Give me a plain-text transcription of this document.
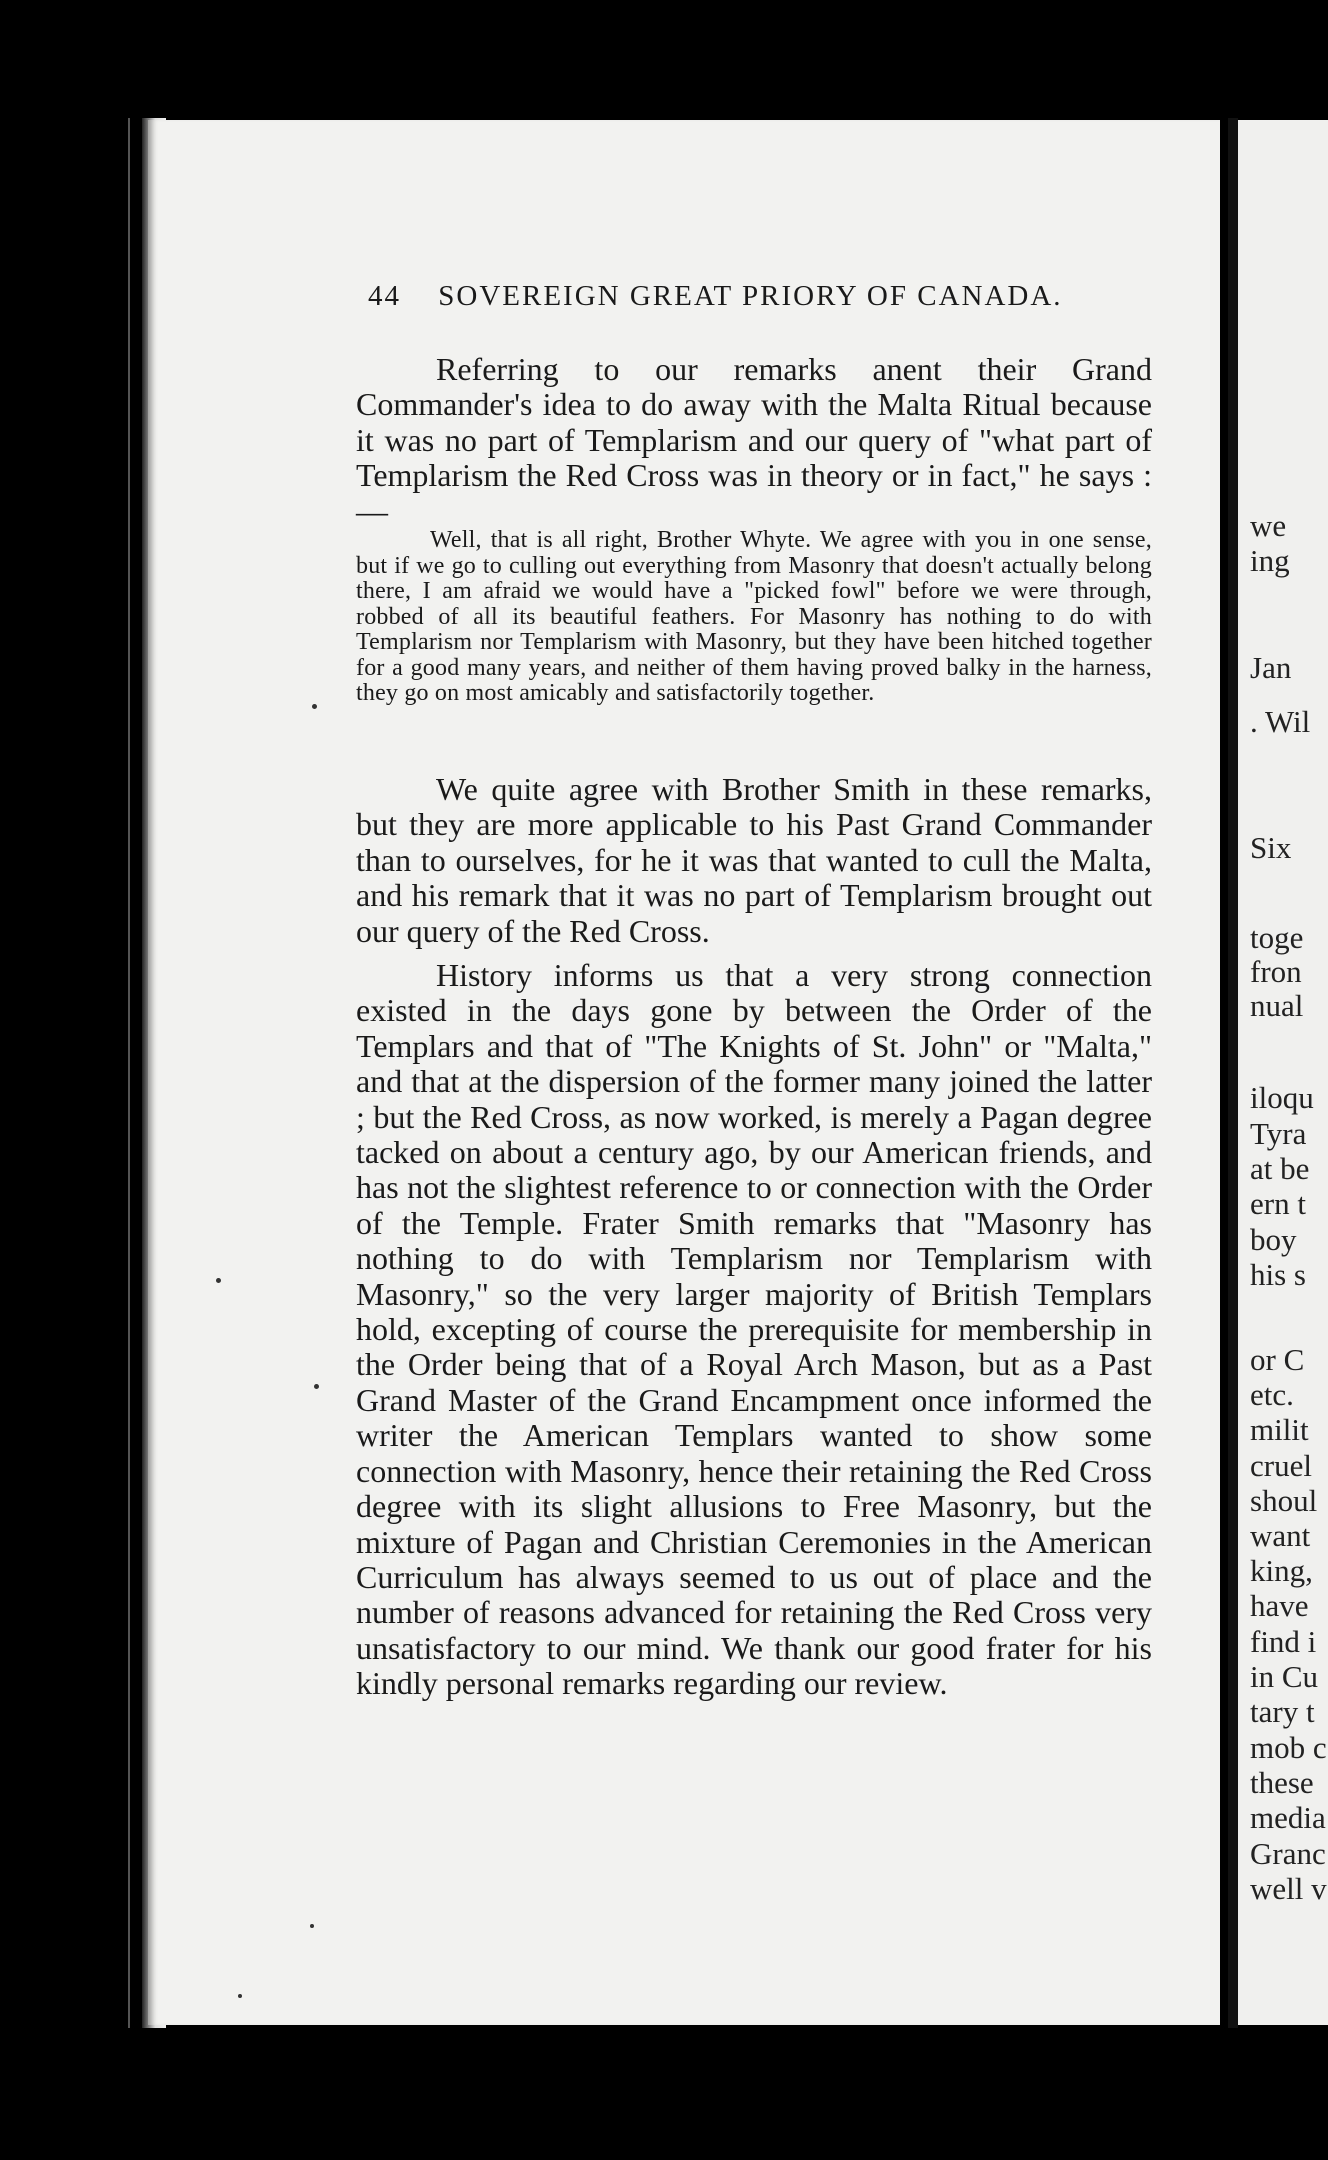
44 SOVEREIGN GREAT PRIORY OF CANADA.
Referring to our remarks anent their Grand Commander's idea to do away with the Malta Ritual because it was no part of Templarism and our query of "what part of Templarism the Red Cross was in theory or in fact," he says :—
Well, that is all right, Brother Whyte. We agree with you in one sense, but if we go to culling out everything from Masonry that doesn't actually belong there, I am afraid we would have a "picked fowl" before we were through, robbed of all its beautiful feathers. For Masonry has nothing to do with Templarism nor Templarism with Masonry, but they have been hitched together for a good many years, and neither of them having proved balky in the harness, they go on most amicably and satisfactorily together.
We quite agree with Brother Smith in these remarks, but they are more applicable to his Past Grand Commander than to ourselves, for he it was that wanted to cull the Malta, and his remark that it was no part of Templarism brought out our query of the Red Cross.
History informs us that a very strong connection existed in the days gone by between the Order of the Templars and that of "The Knights of St. John" or "Malta," and that at the dispersion of the former many joined the latter ; but the Red Cross, as now worked, is merely a Pagan degree tacked on about a century ago, by our American friends, and has not the slightest reference to or connection with the Order of the Temple. Frater Smith remarks that "Masonry has nothing to do with Templarism nor Templarism with Masonry," so the very larger majority of British Templars hold, excepting of course the prerequisite for membership in the Order being that of a Royal Arch Mason, but as a Past Grand Master of the Grand Encampment once informed the writer the American Templars wanted to show some connection with Masonry, hence their retaining the Red Cross degree with its slight allusions to Free Masonry, but the mixture of Pagan and Christian Ceremonies in the American Curriculum has always seemed to us out of place and the number of reasons advanced for retaining the Red Cross very unsatisfactory to our mind. We thank our good frater for his kindly personal remarks regarding our review.
we
ing
Jan
. Wil
Six
toge
fron
nual
iloqu
Tyra
at be
ern t
boy
his s
or C
etc.
milit
cruel
shoul
want
king,
have
find i
in Cu
tary t
mob c
these
media
Granc
well v
